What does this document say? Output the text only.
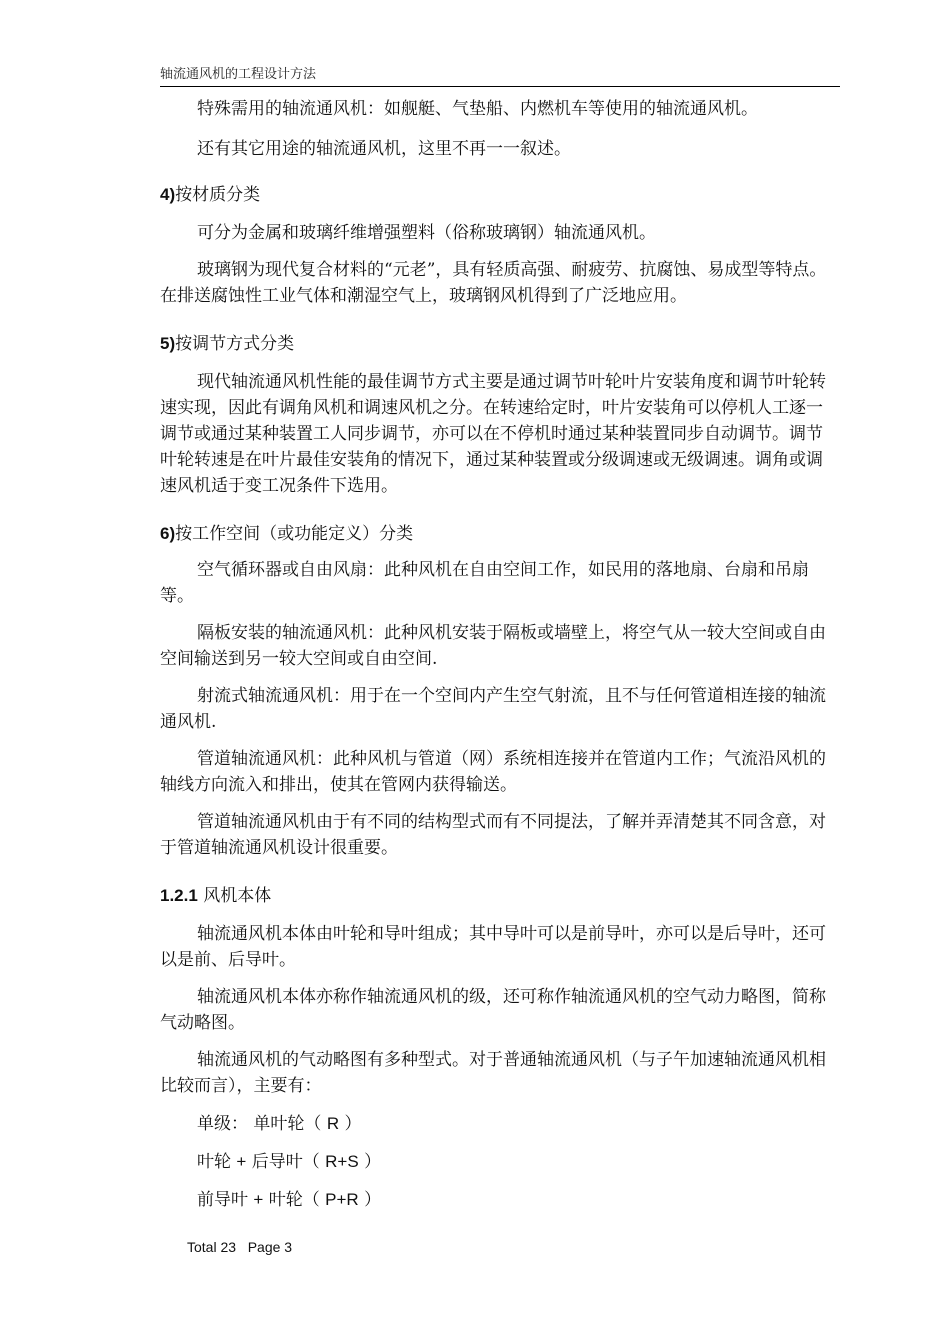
轴流通风机的工程设计方法

特殊需用的轴流通风机：如舰艇、气垫船、内燃机车等使用的轴流通风机。

还有其它用途的轴流通风机，这里不再一一叙述。

4)按材质分类

可分为金属和玻璃纤维增强塑料（俗称玻璃钢）轴流通风机。

玻璃钢为现代复合材料的“元老”，具有轻质高强、耐疲劳、抗腐蚀、易成型等特点。在排送腐蚀性工业气体和潮湿空气上，玻璃钢风机得到了广泛地应用。

5)按调节方式分类

现代轴流通风机性能的最佳调节方式主要是通过调节叶轮叶片安装角度和调节叶轮转速实现，因此有调角风机和调速风机之分。在转速给定时，叶片安装角可以停机人工逐一调节或通过某种装置工人同步调节，亦可以在不停机时通过某种装置同步自动调节。调节叶轮转速是在叶片最佳安装角的情况下，通过某种装置或分级调速或无级调速。调角或调速风机适于变工况条件下选用。

6)按工作空间（或功能定义）分类

空气循环器或自由风扇：此种风机在自由空间工作，如民用的落地扇、台扇和吊扇等。

隔板安装的轴流通风机：此种风机安装于隔板或墙壁上，将空气从一较大空间或自由空间输送到另一较大空间或自由空间.

射流式轴流通风机：用于在一个空间内产生空气射流，且不与任何管道相连接的轴流通风机.

管道轴流通风机：此种风机与管道（网）系统相连接并在管道内工作；气流沿风机的轴线方向流入和排出，使其在管网内获得输送。

管道轴流通风机由于有不同的结构型式而有不同提法，了解并弄清楚其不同含意，对于管道轴流通风机设计很重要。

1.2.1 风机本体

轴流通风机本体由叶轮和导叶组成；其中导叶可以是前导叶，亦可以是后导叶，还可以是前、后导叶。

轴流通风机本体亦称作轴流通风机的级，还可称作轴流通风机的空气动力略图，简称气动略图。

轴流通风机的气动略图有多种型式。对于普通轴流通风机（与子午加速轴流通风机相比较而言），主要有：

单级： 单叶轮（ R ）

叶轮 + 后导叶（ R+S ）

前导叶 + 叶轮（ P+R ）

Total 23   Page 3
